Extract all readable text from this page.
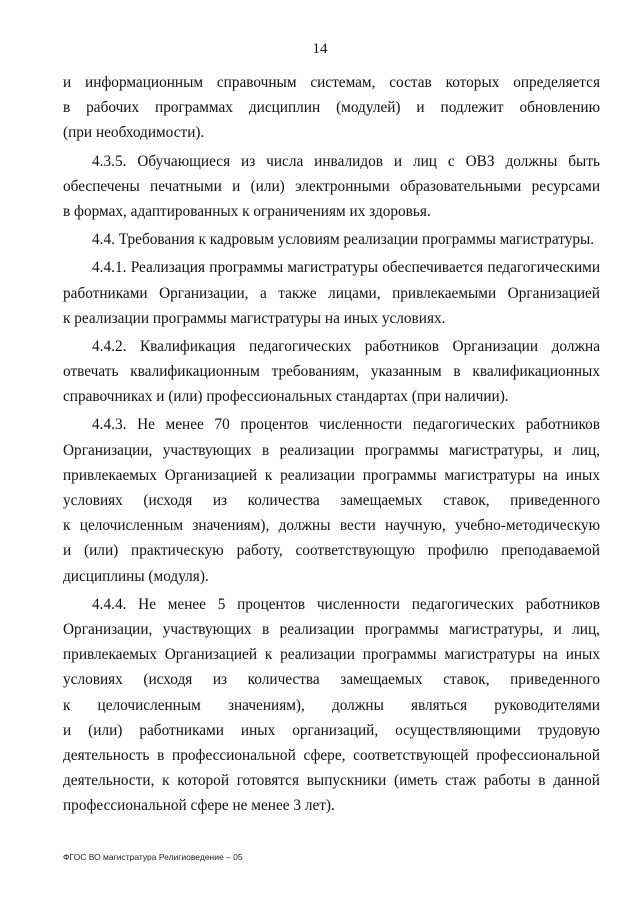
14
и информационным справочным системам, состав которых определяется
в рабочих программах дисциплин (модулей) и подлежит обновлению
(при необходимости).
4.3.5. Обучающиеся из числа инвалидов и лиц с ОВЗ должны быть
обеспечены печатными и (или) электронными образовательными ресурсами
в формах, адаптированных к ограничениям их здоровья.
4.4. Требования к кадровым условиям реализации программы магистратуры.
4.4.1. Реализация программы магистратуры обеспечивается педагогическими
работниками Организации, а также лицами, привлекаемыми Организацией
к реализации программы магистратуры на иных условиях.
4.4.2. Квалификация педагогических работников Организации должна
отвечать квалификационным требованиям, указанным в квалификационных
справочниках и (или) профессиональных стандартах (при наличии).
4.4.3. Не менее 70 процентов численности педагогических работников
Организации, участвующих в реализации программы магистратуры, и лиц,
привлекаемых Организацией к реализации программы магистратуры на иных
условиях (исходя из количества замещаемых ставок, приведенного
к целочисленным значениям), должны вести научную, учебно-методическую
и (или) практическую работу, соответствующую профилю преподаваемой
дисциплины (модуля).
4.4.4. Не менее 5 процентов численности педагогических работников
Организации, участвующих в реализации программы магистратуры, и лиц,
привлекаемых Организацией к реализации программы магистратуры на иных
условиях (исходя из количества замещаемых ставок, приведенного
к целочисленным значениям), должны являться руководителями
и (или) работниками иных организаций, осуществляющими трудовую
деятельность в профессиональной сфере, соответствующей профессиональной
деятельности, к которой готовятся выпускники (иметь стаж работы в данной
профессиональной сфере не менее 3 лет).
ФГОС ВО магистратура Религиоведение – 05
